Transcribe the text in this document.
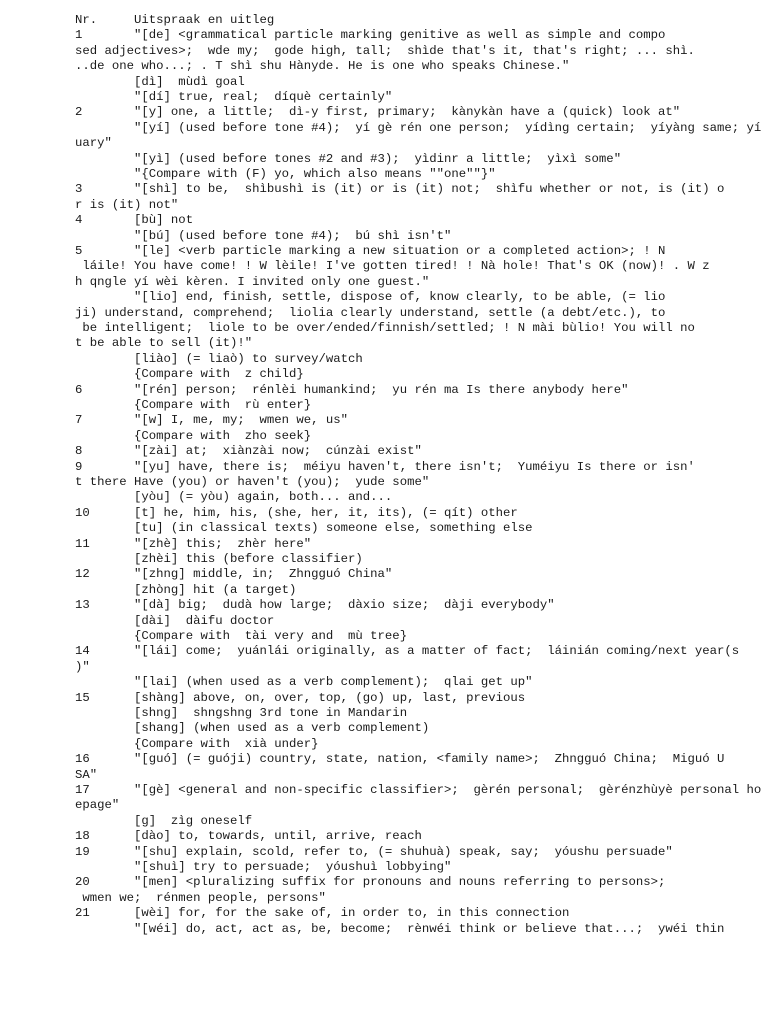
Nr.     Uitspraak en uitleg
1       "[de] <grammatical particle marking genitive as well as simple and compo
sed adjectives>;  wde my;  gode high, tall;  shìde that's it, that's right; ... shì.
..de one who...; . T shì shu Hànyde. He is one who speaks Chinese."
[dì]  mùdì goal
"[dí] true, real;  díquè certainly"
2       "[y] one, a little;  dì-y first, primary;  kànykàn have a (quick) look at"
"[yí] (used before tone #4);  yí gè rén one person;  yídìng certain;  yíyàng same; yí
uary"
"[yì] (used before tones #2 and #3);  yìdinr a little;  yìxì some"
"{Compare with (F) yo, which also means ""one""}"
3       "[shì] to be,  shìbushì is (it) or is (it) not;  shìfu whether or not, is (it) o
r is (it) not"
4       [bù] not
"[bú] (used before tone #4);  bú shì isn't"
5       "[le] <verb particle marking a new situation or a completed action>; ! N
láile! You have come! ! W lèile! I've gotten tired! ! Nà hole! That's OK (now)! . W z
h qngle yí wèi kèren. I invited only one guest."
"[lio] end, finish, settle, dispose of, know clearly, to be able, (= lio
ji) understand, comprehend;  liolia clearly understand, settle (a debt/etc.), to
be intelligent;  liole to be over/ended/finnish/settled; ! N mài bùlio! You will no
t be able to sell (it)!"
[liào] (= liaò) to survey/watch
{Compare with  z child}
6       "[rén] person;  rénlèi humankind;  yu rén ma Is there anybody here"
{Compare with  rù enter}
7       "[w] I, me, my;  wmen we, us"
{Compare with  zho seek}
8       "[zài] at;  xiànzài now;  cúnzài exist"
9       "[yu] have, there is;  méiyu haven't, there isn't;  Yuméiyu Is there or isn'
t there Have (you) or haven't (you);  yude some"
[yòu] (= yòu) again, both... and...
10      [t] he, him, his, (she, her, it, its), (= qít) other
[tu] (in classical texts) someone else, something else
11      "[zhè] this;  zhèr here"
[zhèi] this (before classifier)
12      "[zhng] middle, in;  Zhngguó China"
[zhòng] hit (a target)
13      "[dà] big;  dudà how large;  dàxio size;  dàji everybody"
[dài]  dàifu doctor
{Compare with  tài very and  mù tree}
14      "[lái] come;  yuánlái originally, as a matter of fact;  láinián coming/next year(s
)"
"[lai] (when used as a verb complement);  qlai get up"
15      [shàng] above, on, over, top, (go) up, last, previous
[shng]  shngshng 3rd tone in Mandarin
[shang] (when used as a verb complement)
{Compare with  xià under}
16      "[guó] (= guóji) country, state, nation, <family name>;  Zhngguó China;  Miguó U
SA"
17      "[gè] <general and non-specific classifier>;  gèrén personal;  gèrénzhùyè personal ho
epage"
[g]  zìg oneself
18      [dào] to, towards, until, arrive, reach
19      "[shu] explain, scold, refer to, (= shuhuà) speak, say;  yóushu persuade"
"[shuì] try to persuade;  yóushuì lobbying"
20      "[men] <pluralizing suffix for pronouns and nouns referring to persons>;
wmen we;  rénmen people, persons"
21      [wèi] for, for the sake of, in order to, in this connection
"[wéi] do, act, act as, be, become;  rènwéi think or believe that...;  ywéi thin
